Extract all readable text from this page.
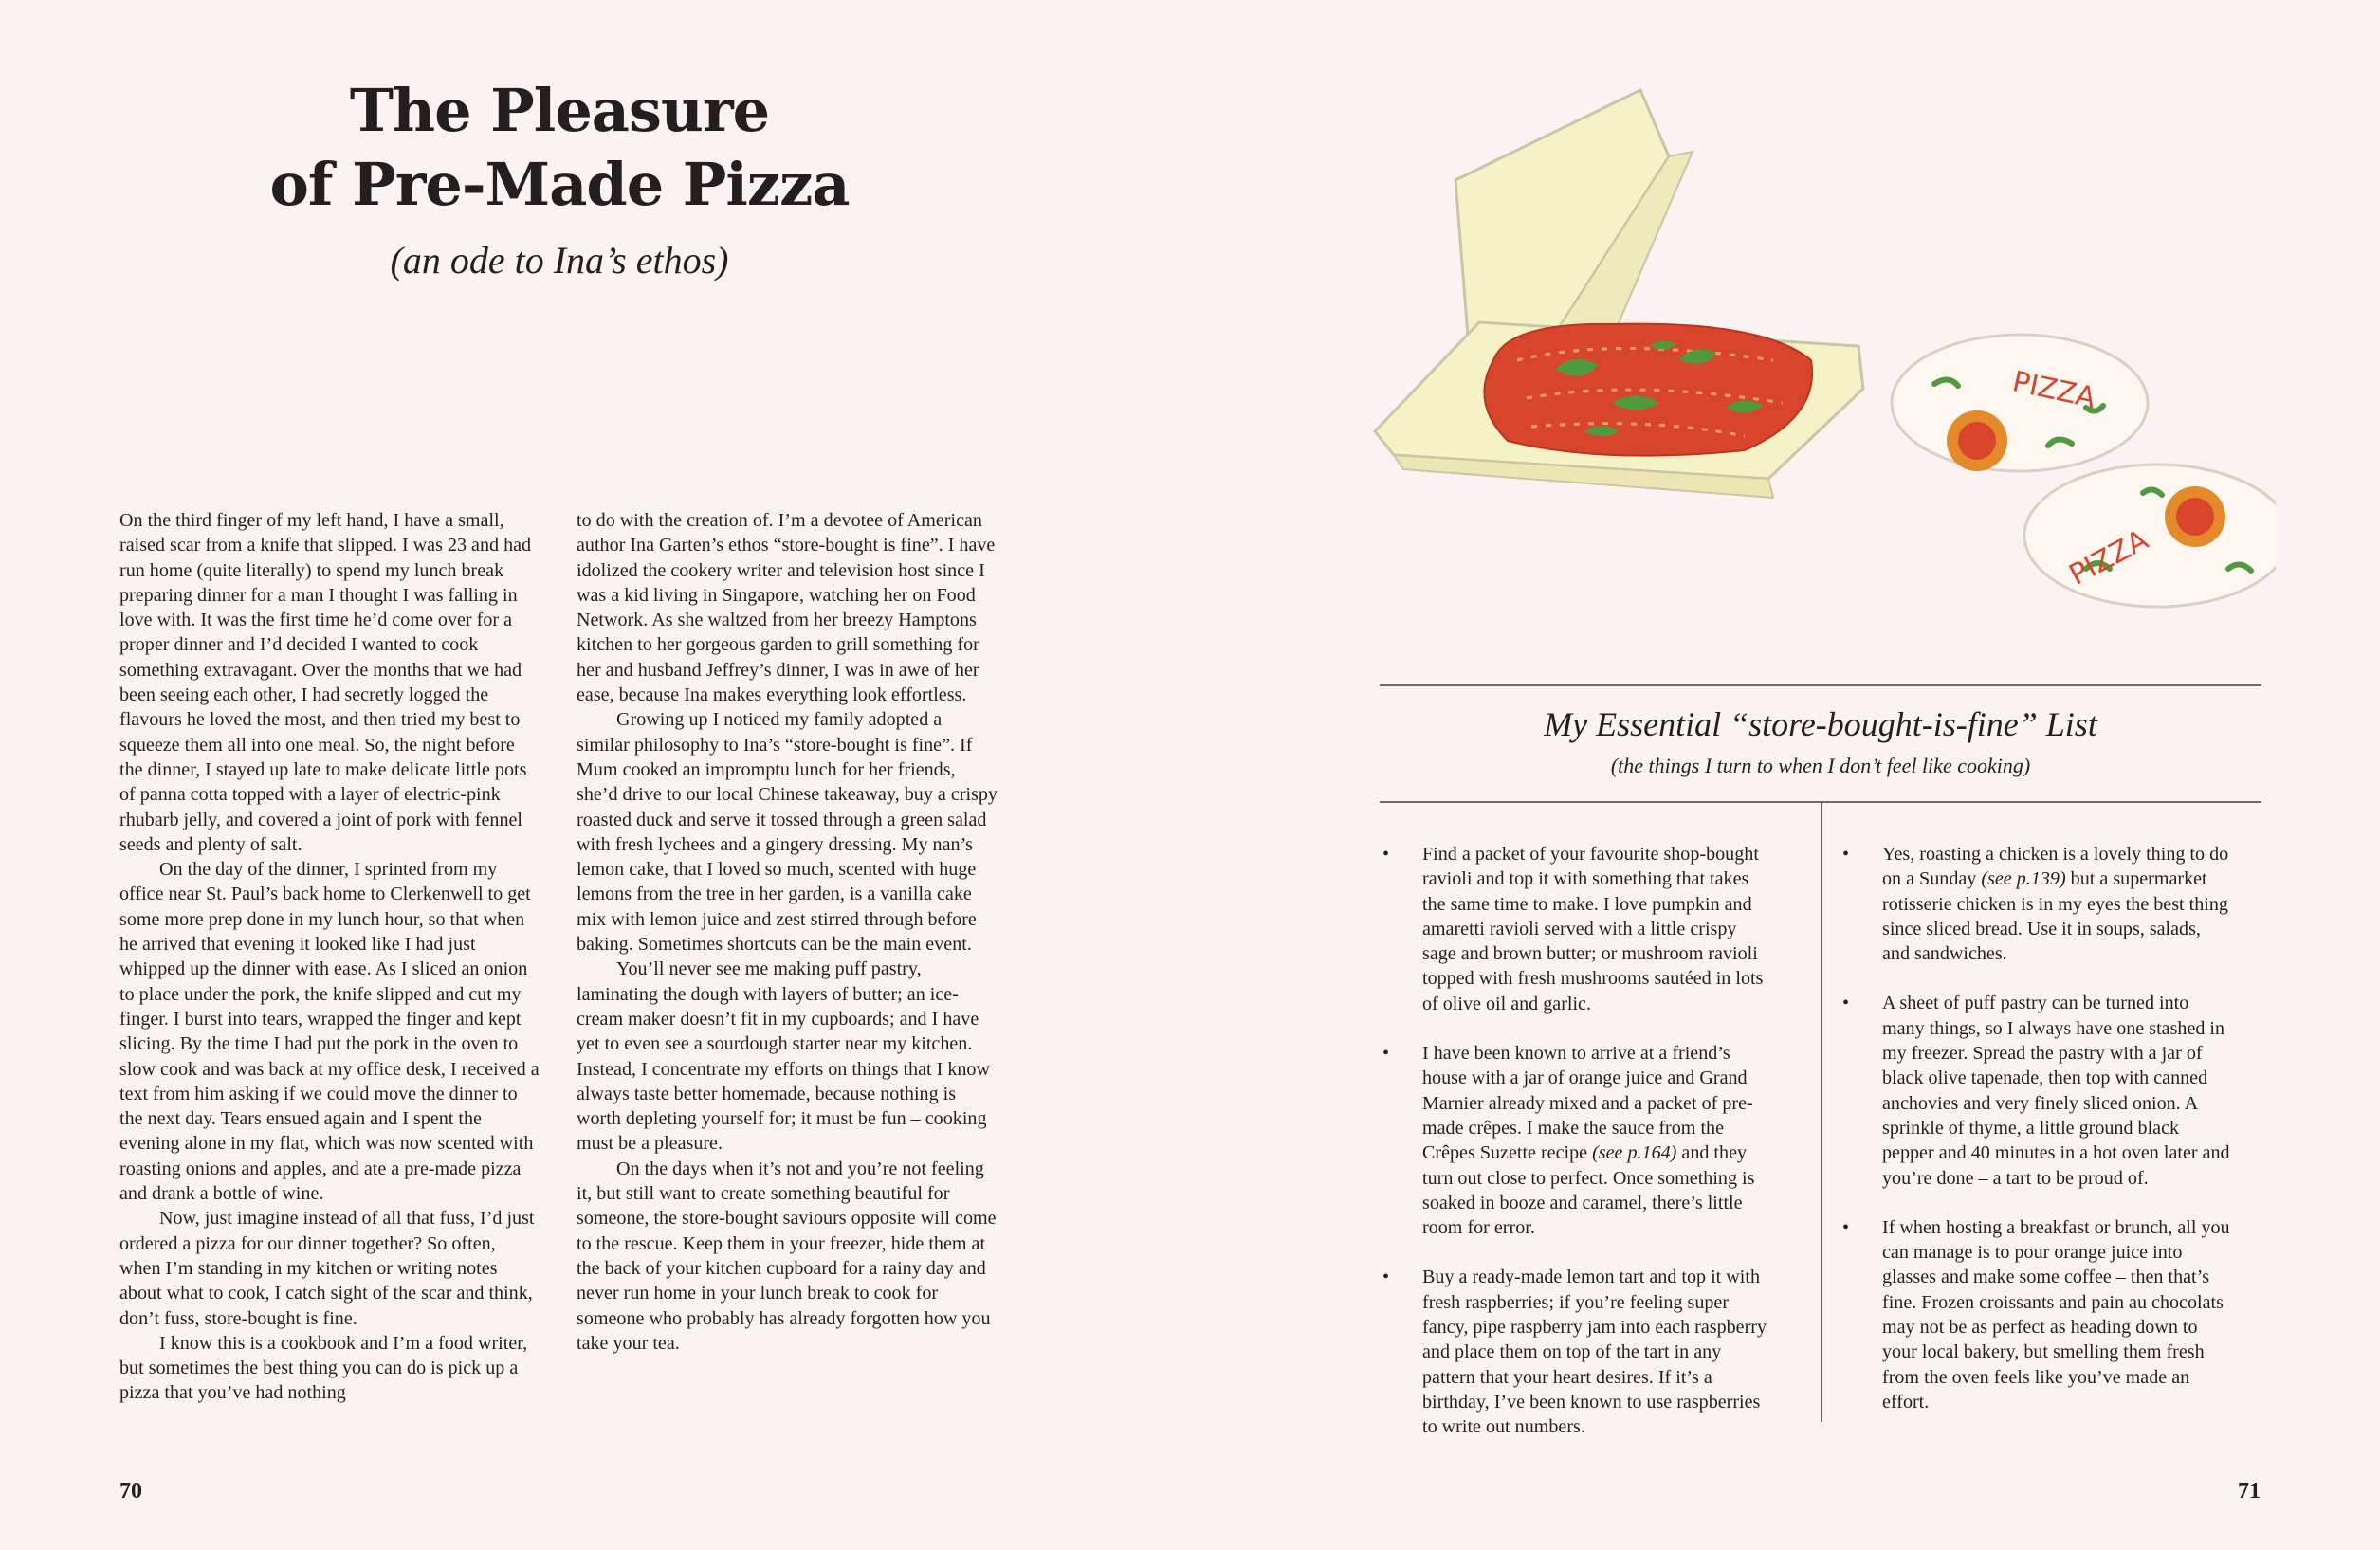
The Pleasure
of Pre-Made Pizza
(an ode to Ina’s ethos)

On the third finger of my left hand, I have a small, raised scar from a knife that slipped. I was 23 and had run home (quite literally) to spend my lunch break preparing dinner for a man I thought I was falling in love with. It was the first time he’d come over for a proper dinner and I’d decided I wanted to cook something extravagant. Over the months that we had been seeing each other, I had secretly logged the flavours he loved the most, and then tried my best to squeeze them all into one meal. So, the night before the dinner, I stayed up late to make delicate little pots of panna cotta topped with a layer of electric-pink rhubarb jelly, and covered a joint of pork with fennel seeds and plenty of salt.

On the day of the dinner, I sprinted from my office near St. Paul’s back home to Clerkenwell to get some more prep done in my lunch hour, so that when he arrived that evening it looked like I had just whipped up the dinner with ease. As I sliced an onion to place under the pork, the knife slipped and cut my finger. I burst into tears, wrapped the finger and kept slicing. By the time I had put the pork in the oven to slow cook and was back at my office desk, I received a text from him asking if we could move the dinner to the next day. Tears ensued again and I spent the evening alone in my flat, which was now scented with roasting onions and apples, and ate a pre-made pizza and drank a bottle of wine.

Now, just imagine instead of all that fuss, I’d just ordered a pizza for our dinner together? So often, when I’m standing in my kitchen or writing notes about what to cook, I catch sight of the scar and think, don’t fuss, store-bought is fine.

I know this is a cookbook and I’m a food writer, but sometimes the best thing you can do is pick up a pizza that you’ve had nothing

to do with the creation of. I’m a devotee of American author Ina Garten’s ethos “store-bought is fine”. I have idolized the cookery writer and television host since I was a kid living in Singapore, watching her on Food Network. As she waltzed from her breezy Hamptons kitchen to her gorgeous garden to grill something for her and husband Jeffrey’s dinner, I was in awe of her ease, because Ina makes everything look effortless.

Growing up I noticed my family adopted a similar philosophy to Ina’s “store-bought is fine”. If Mum cooked an impromptu lunch for her friends, she’d drive to our local Chinese takeaway, buy a crispy roasted duck and serve it tossed through a green salad with fresh lychees and a gingery dressing. My nan’s lemon cake, that I loved so much, scented with huge lemons from the tree in her garden, is a vanilla cake mix with lemon juice and zest stirred through before baking. Sometimes shortcuts can be the main event.

You’ll never see me making puff pastry, laminating the dough with layers of butter; an ice-cream maker doesn’t fit in my cupboards; and I have yet to even see a sourdough starter near my kitchen. Instead, I concentrate my efforts on things that I know always taste better homemade, because nothing is worth depleting yourself for; it must be fun – cooking must be a pleasure.

On the days when it’s not and you’re not feeling it, but still want to create something beautiful for someone, the store-bought saviours opposite will come to the rescue. Keep them in your freezer, hide them at the back of your kitchen cupboard for a rainy day and never run home in your lunch break to cook for someone who probably has already forgotten how you take your tea.

70	71
PIZZA
PIZZA
My Essential “store-bought-is-fine” List
(the things I turn to when I don’t feel like cooking)
• Find a packet of your favourite shop-bought ravioli and top it with something that takes the same time to make. I love pumpkin and amaretti ravioli served with a little crispy sage and brown butter; or mushroom ravioli topped with fresh mushrooms sautéed in lots of olive oil and garlic.
• I have been known to arrive at a friend’s house with a jar of orange juice and Grand Marnier already mixed and a packet of pre-made crêpes. I make the sauce from the Crêpes Suzette recipe (see p.164) and they turn out close to perfect. Once something is soaked in booze and caramel, there’s little room for error.
• Buy a ready-made lemon tart and top it with fresh raspberries; if you’re feeling super fancy, pipe raspberry jam into each raspberry and place them on top of the tart in any pattern that your heart desires. If it’s a birthday, I’ve been known to use raspberries to write out numbers.
• Yes, roasting a chicken is a lovely thing to do on a Sunday (see p.139) but a supermarket rotisserie chicken is in my eyes the best thing since sliced bread. Use it in soups, salads, and sandwiches.
• A sheet of puff pastry can be turned into many things, so I always have one stashed in my freezer. Spread the pastry with a jar of black olive tapenade, then top with canned anchovies and very finely sliced onion. A sprinkle of thyme, a little ground black pepper and 40 minutes in a hot oven later and you’re done – a tart to be proud of.
• If when hosting a breakfast or brunch, all you can manage is to pour orange juice into glasses and make some coffee – then that’s fine. Frozen croissants and pain au chocolats may not be as perfect as heading down to your local bakery, but smelling them fresh from the oven feels like you’ve made an effort.
